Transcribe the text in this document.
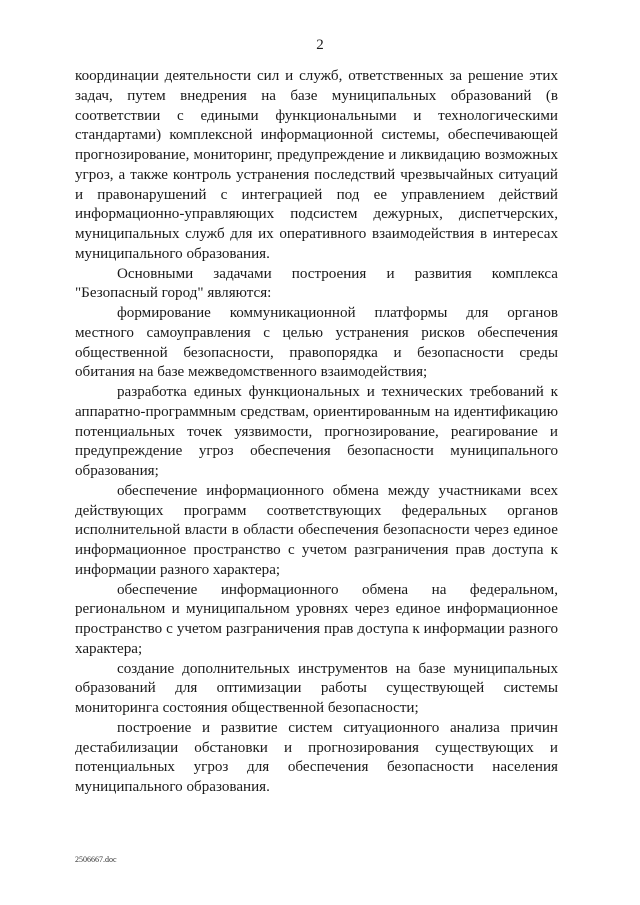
2

координации деятельности сил и служб, ответственных за решение этих задач, путем внедрения на базе муниципальных образований (в соответствии с едиными функциональными и технологическими стандартами) комплексной информационной системы, обеспечивающей прогнозирование, мониторинг, предупреждение и ликвидацию возможных угроз, а также контроль устранения последствий чрезвычайных ситуаций и правонарушений с интеграцией под ее управлением действий информационно-управляющих подсистем дежурных, диспетчерских, муниципальных служб для их оперативного взаимодействия в интересах муниципального образования.

Основными задачами построения и развития комплекса "Безопасный город" являются:

формирование коммуникационной платформы для органов местного самоуправления с целью устранения рисков обеспечения общественной безопасности, правопорядка и безопасности среды обитания на базе межведомственного взаимодействия;

разработка единых функциональных и технических требований к аппаратно-программным средствам, ориентированным на идентификацию потенциальных точек уязвимости, прогнозирование, реагирование и предупреждение угроз обеспечения безопасности муниципального образования;

обеспечение информационного обмена между участниками всех действующих программ соответствующих федеральных органов исполнительной власти в области обеспечения безопасности через единое информационное пространство с учетом разграничения прав доступа к информации разного характера;

обеспечение информационного обмена на федеральном, региональном и муниципальном уровнях через единое информационное пространство с учетом разграничения прав доступа к информации разного характера;

создание дополнительных инструментов на базе муниципальных образований для оптимизации работы существующей системы мониторинга состояния общественной безопасности;

построение и развитие систем ситуационного анализа причин дестабилизации обстановки и прогнозирования существующих и потенциальных угроз для обеспечения безопасности населения муниципального образования.

2506667.doc
